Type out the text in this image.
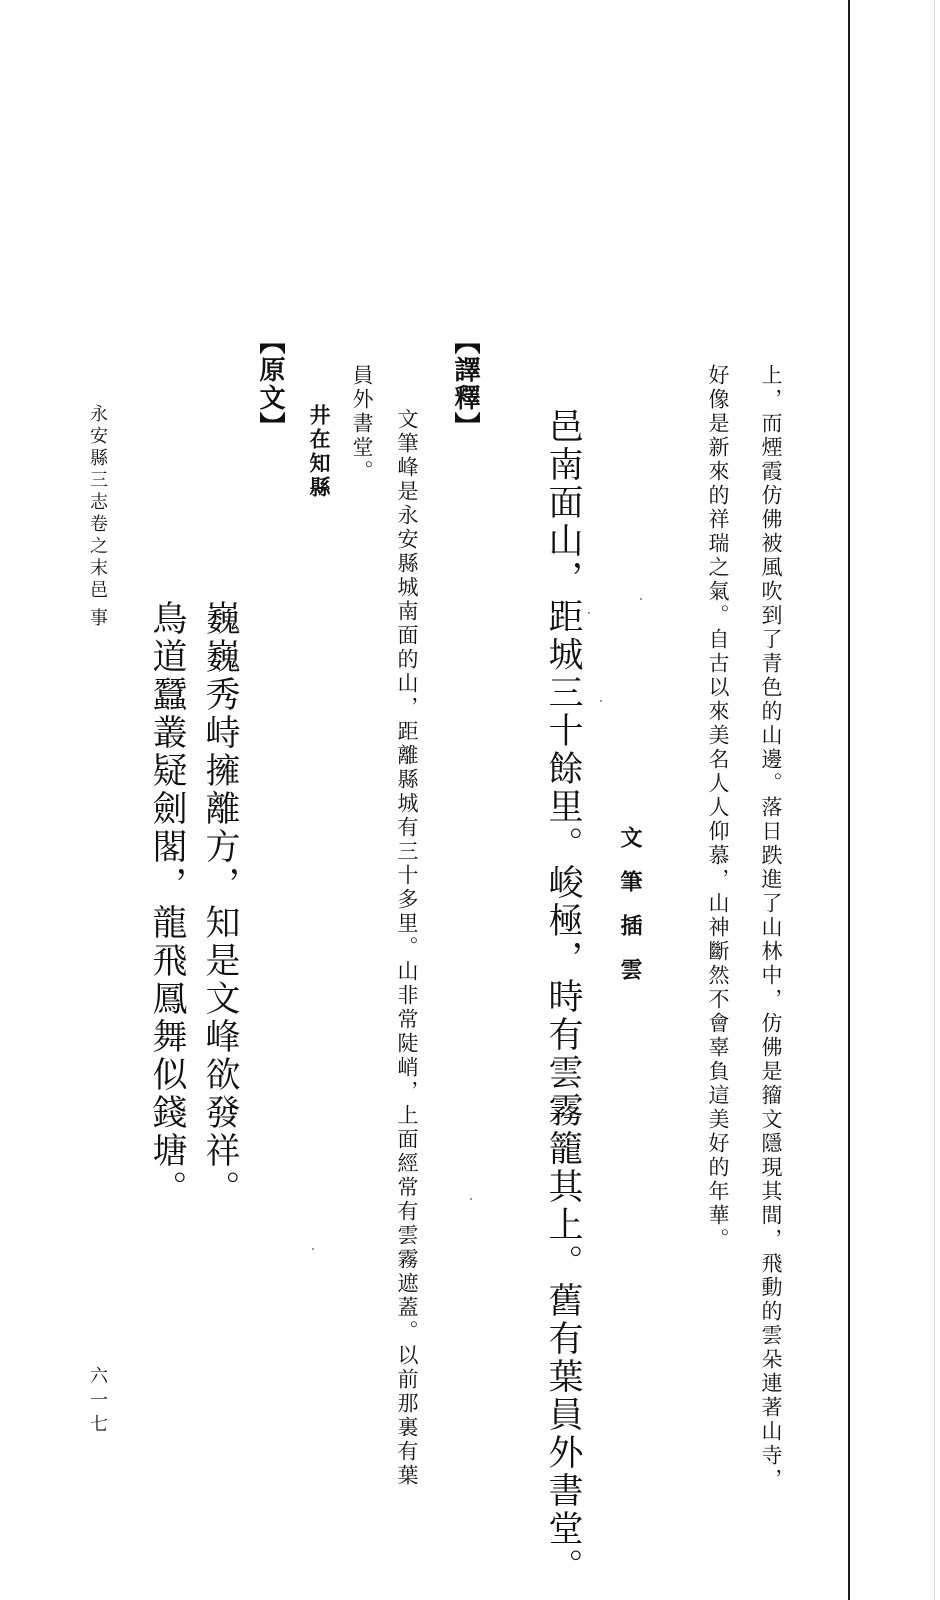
上，而煙霞仿佛被風吹到了青色的山邊。落日跌進了山林中，仿佛是籀文隱現其間，飛動的雲朵連著山寺，

好像是新來的祥瑞之氣。自古以來美名人人仰慕，山神斷然不會辜負這美好的年華。

文筆插雲

邑南面山，距城三十餘里。峻極，時有雲霧籠其上。舊有葉員外書堂。

【譯釋】

文筆峰是永安縣城南面的山，距離縣城有三十多里。山非常陡峭，上面經常有雲霧遮蓋。以前那裏有葉

員外書堂。

井在知縣

【原文】

巍巍秀峙擁離方，知是文峰欲發祥。

鳥道蠶叢疑劍閣，龍飛鳳舞似錢塘。

永安縣三志卷之末

邑事

六一七
